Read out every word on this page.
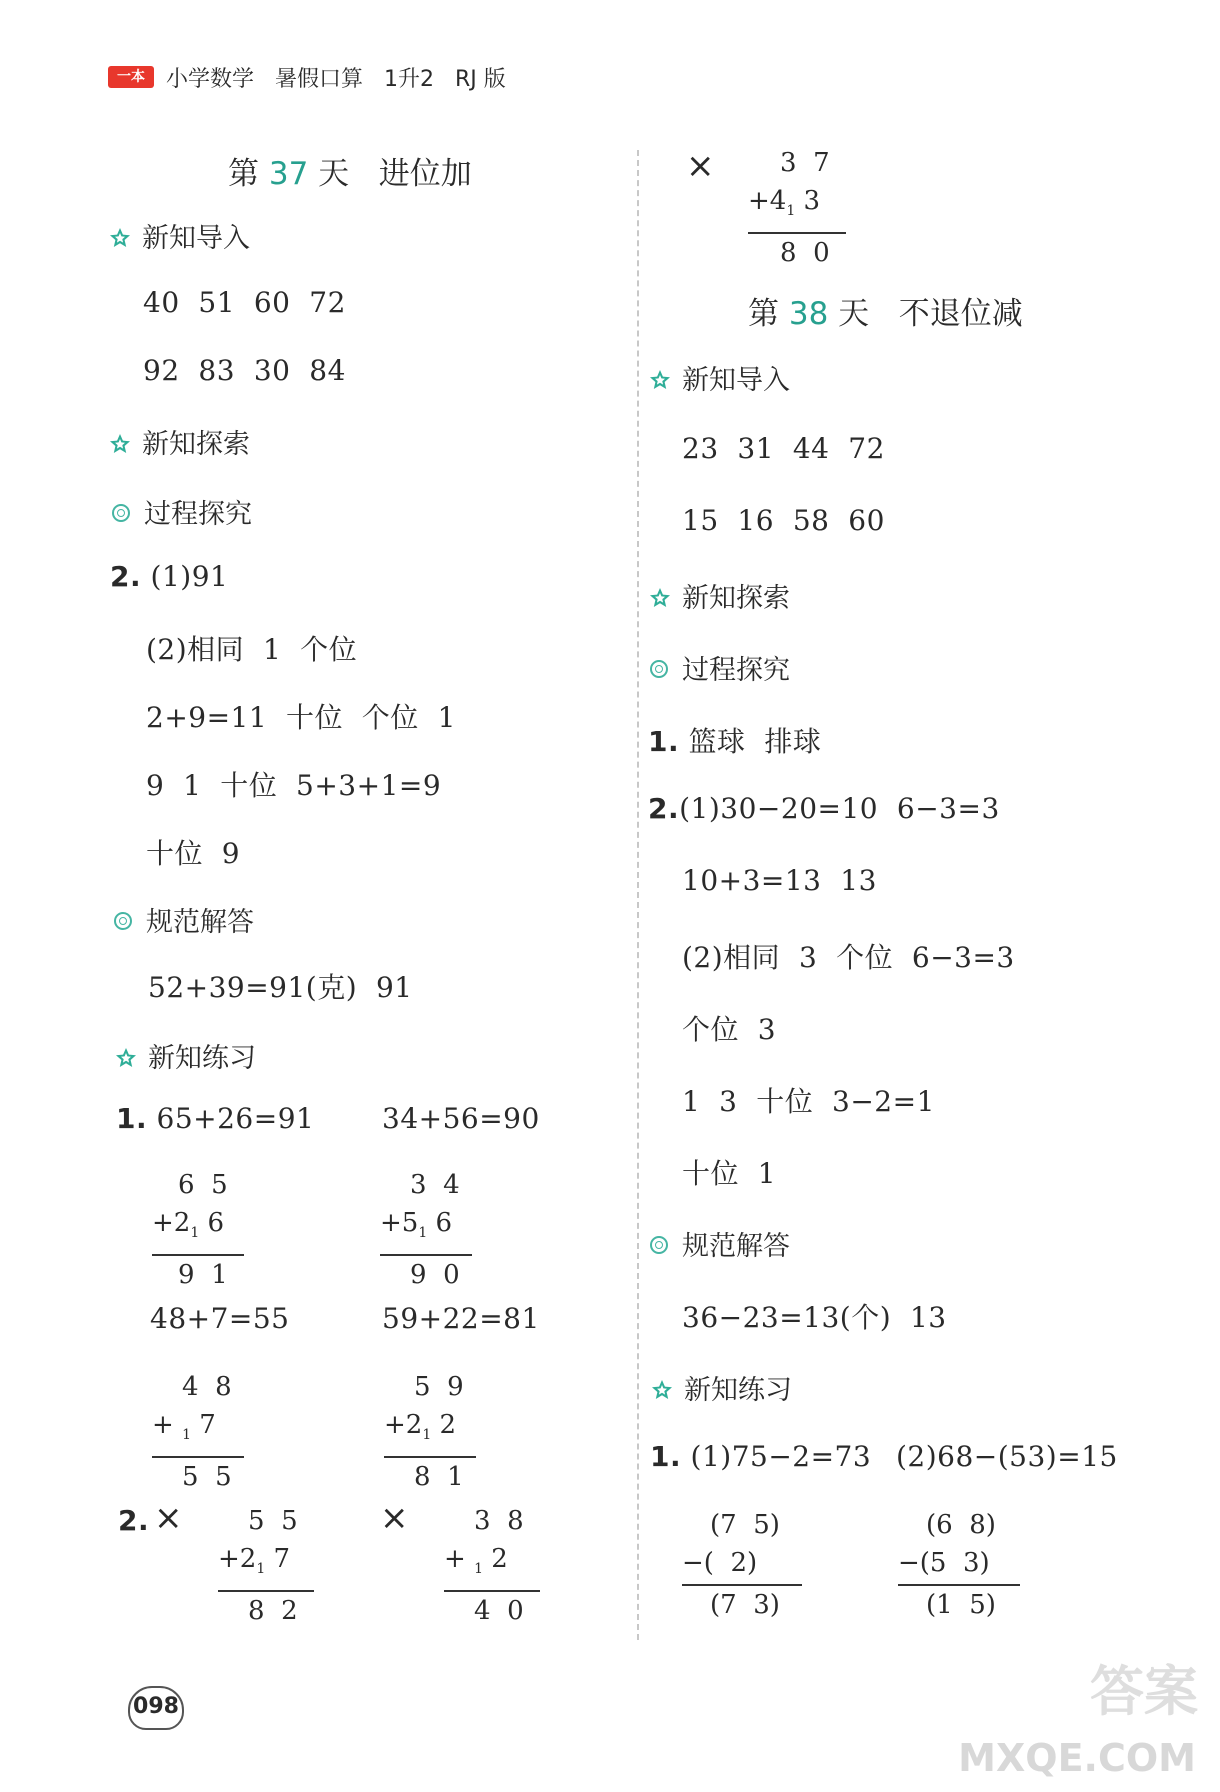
一本 小学数学 暑假口算 1升2 RJ 版
第 37 天 进位加
新知导入
40  51  60  72
92  83  30  84
新知探索
过程探究
2. (1)91
(2)相同  1  个位
2+9=11  十位  个位  1
9  1  十位  5+3+1=9
十位  9
规范解答
52+39=91(克)  91
新知练习
1. 65+26=91 34+56=90
6  5
$+2_1$ 6
9  1
3  4
$+5_1$ 6
9  0
48+7=55	59+22=81
4  8
+ $_1$ 7
5  5
5  9
$+2_1$ 2
8  1
2. ×	5  5
$+2_1$ 7
8  2
×	3  8
+ $_1$ 2
4  0
×	3  7
$+4_1$ 3
8  0
第 38 天 不退位减
新知导入
23  31  44  72
15  16  58  60
新知探索
过程探究
1. 篮球  排球
2.(1)30−20=10  6−3=3
10+3=13  13
(2)相同  3  个位  6−3=3
个位  3
1  3  十位  3−2=1
十位  1
规范解答
36−23=13(个)  13
新知练习
1. (1)75−2=73 (2)68−(53)=15
(7  5)
−(  2)
(7  3)
(6  8)
−(5  3)
(1  5)
098	答案
MXQE.COM
